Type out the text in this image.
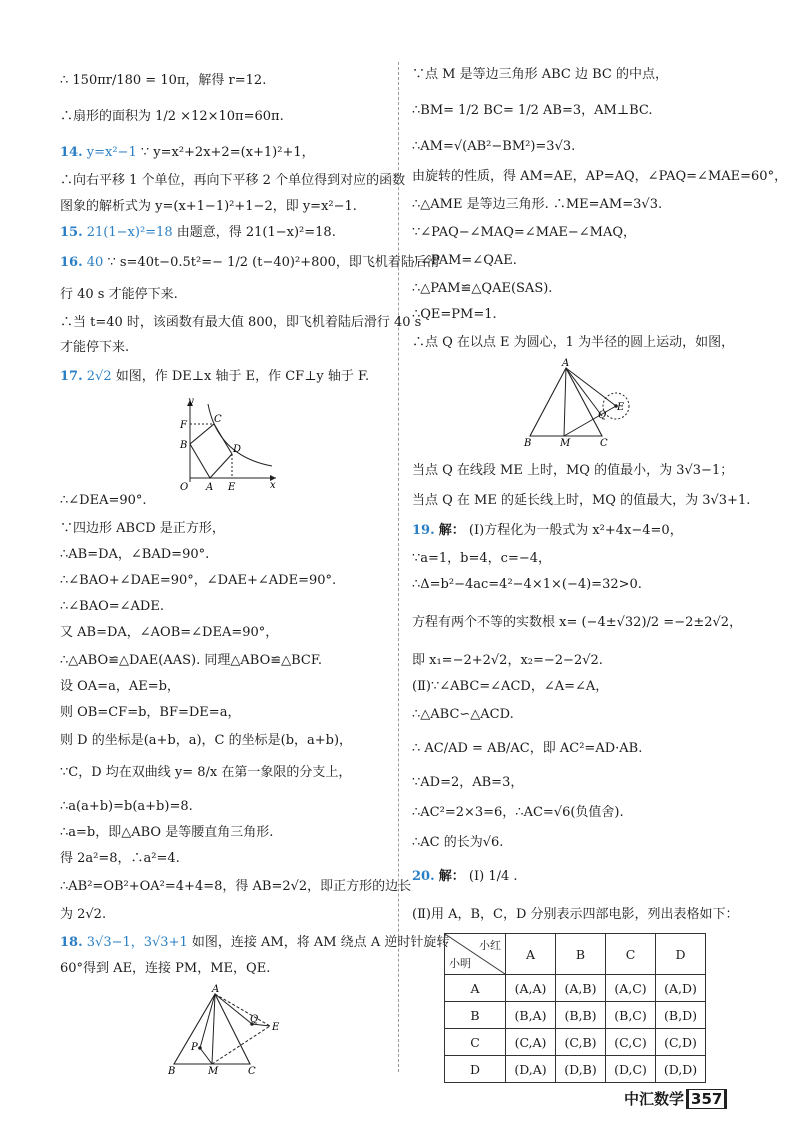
∴ 150πr/180 = 10π，解得 r=12.
∴扇形的面积为 1/2 ×12×10π=60π.
14. y=x²−1 ∵ y=x²+2x+2=(x+1)²+1，
∴向右平移 1 个单位，再向下平移 2 个单位得到对应的函数
图象的解析式为 y=(x+1−1)²+1−2，即 y=x²−1.
15. 21(1−x)²=18 由题意，得 21(1−x)²=18.
16. 40 ∵ s=40t−0.5t²=− 1/2 (t−40)²+800，即飞机着陆后滑
行 40 s 才能停下来.
∴当 t=40 时，该函数有最大值 800，即飞机着陆后滑行 40 s
才能停下来.
17. 2√2 如图，作 DE⊥x 轴于 E，作 CF⊥y 轴于 F.
y
x
F
C
D
B
O A E
∴∠DEA=90°.
∵四边形 ABCD 是正方形，
∴AB=DA，∠BAD=90°.
∴∠BAO+∠DAE=90°，∠DAE+∠ADE=90°.
∴∠BAO=∠ADE.
又 AB=DA，∠AOB=∠DEA=90°，
∴△ABO≌△DAE(AAS). 同理△ABO≌△BCF.
设 OA=a，AE=b，
则 OB=CF=b，BF=DE=a，
则 D 的坐标是(a+b，a)，C 的坐标是(b，a+b)，
∵C，D 均在双曲线 y= 8/x 在第一象限的分支上，
∴a(a+b)=b(a+b)=8.
∴a=b，即△ABO 是等腰直角三角形.
得 2a²=8，∴a²=4.
∴AB²=OB²+OA²=4+4=8，得 AB=2√2，即正方形的边长
为 2√2.
18. 3√3−1，3√3+1 如图，连接 AM，将 AM 绕点 A 逆时针旋转
60°得到 AE，连接 PM，ME，QE.
A
Q
E
P
B	M	C
∵点 M 是等边三角形 ABC 边 BC 的中点，
∴BM= 1/2 BC= 1/2 AB=3，AM⊥BC.
∴AM=√(AB²−BM²)=3√3.
由旋转的性质，得 AM=AE，AP=AQ，∠PAQ=∠MAE=60°，
∴△AME 是等边三角形. ∴ME=AM=3√3.
∵∠PAQ−∠MAQ=∠MAE−∠MAQ，
∴∠PAM=∠QAE.
∴△PAM≌△QAE(SAS).
∴QE=PM=1.
∴点 Q 在以点 E 为圆心，1 为半径的圆上运动，如图，
A
Q
E
B	M	C
当点 Q 在线段 ME 上时，MQ 的值最小，为 3√3−1；
当点 Q 在 ME 的延长线上时，MQ 的值最大，为 3√3+1.
19. 解： (Ⅰ)方程化为一般式为 x²+4x−4=0，
∵a=1，b=4，c=−4，
∴Δ=b²−4ac=4²−4×1×(−4)=32>0.
方程有两个不等的实数根 x= (−4±√32)/2 =−2±2√2，
即 x₁=−2+2√2，x₂=−2−2√2.
(Ⅱ)∵∠ABC=∠ACD，∠A=∠A，
∴△ABC∽△ACD.
∴ AC/AD = AB/AC，即 AC²=AD·AB.
∵AD=2，AB=3，
∴AC²=2×3=6，∴AC=√6(负值舍).
∴AC 的长为√6.
20. 解： (Ⅰ) 1/4 .
(Ⅱ)用 A，B，C，D 分别表示四部电影，列出表格如下：
小红
小明	A	B	C	D
A	(A,A)	(A,B)	(A,C)	(A,D)
B	(B,A)	(B,B)	(B,C)	(B,D)
C	(C,A)	(C,B)	(C,C)	(C,D)
D	(D,A)	(D,B)	(D,C)	(D,D)
中汇数学 357
